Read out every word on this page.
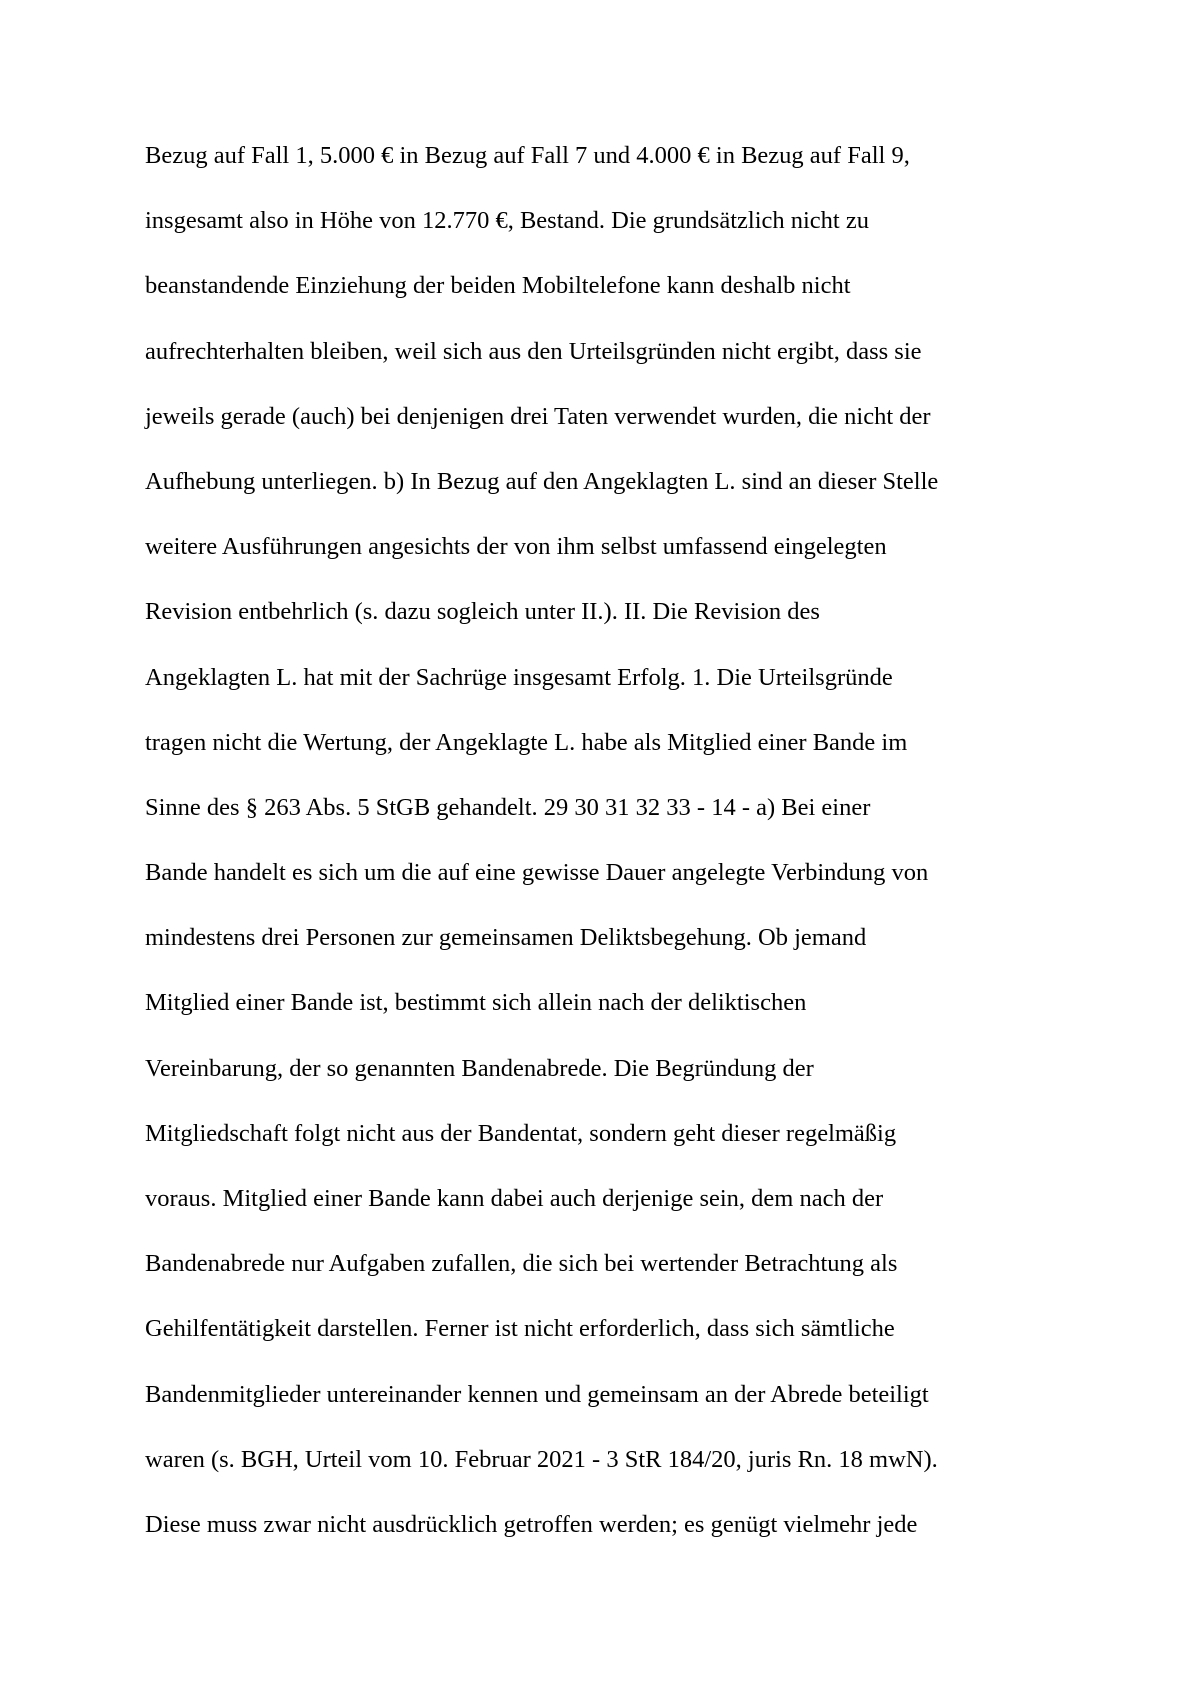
Bezug auf Fall 1, 5.000 € in Bezug auf Fall 7 und 4.000 € in Bezug auf Fall 9,
insgesamt also in Höhe von 12.770 €, Bestand. Die grundsätzlich nicht zu
beanstandende Einziehung der beiden Mobiltelefone kann deshalb nicht
aufrechterhalten bleiben, weil sich aus den Urteilsgründen nicht ergibt, dass sie
jeweils gerade (auch) bei denjenigen drei Taten verwendet wurden, die nicht der
Aufhebung unterliegen. b) In Bezug auf den Angeklagten L. sind an dieser Stelle
weitere Ausführungen angesichts der von ihm selbst umfassend eingelegten
Revision entbehrlich (s. dazu sogleich unter II.). II. Die Revision des
Angeklagten L. hat mit der Sachrüge insgesamt Erfolg. 1. Die Urteilsgründe
tragen nicht die Wertung, der Angeklagte L. habe als Mitglied einer Bande im
Sinne des § 263 Abs. 5 StGB gehandelt. 29 30 31 32 33 - 14 - a) Bei einer
Bande handelt es sich um die auf eine gewisse Dauer angelegte Verbindung von
mindestens drei Personen zur gemeinsamen Deliktsbegehung. Ob jemand
Mitglied einer Bande ist, bestimmt sich allein nach der deliktischen
Vereinbarung, der so genannten Bandenabrede. Die Begründung der
Mitgliedschaft folgt nicht aus der Bandentat, sondern geht dieser regelmäßig
voraus. Mitglied einer Bande kann dabei auch derjenige sein, dem nach der
Bandenabrede nur Aufgaben zufallen, die sich bei wertender Betrachtung als
Gehilfentätigkeit darstellen. Ferner ist nicht erforderlich, dass sich sämtliche
Bandenmitglieder untereinander kennen und gemeinsam an der Abrede beteiligt
waren (s. BGH, Urteil vom 10. Februar 2021 - 3 StR 184/20, juris Rn. 18 mwN).
Diese muss zwar nicht ausdrücklich getroffen werden; es genügt vielmehr jede
